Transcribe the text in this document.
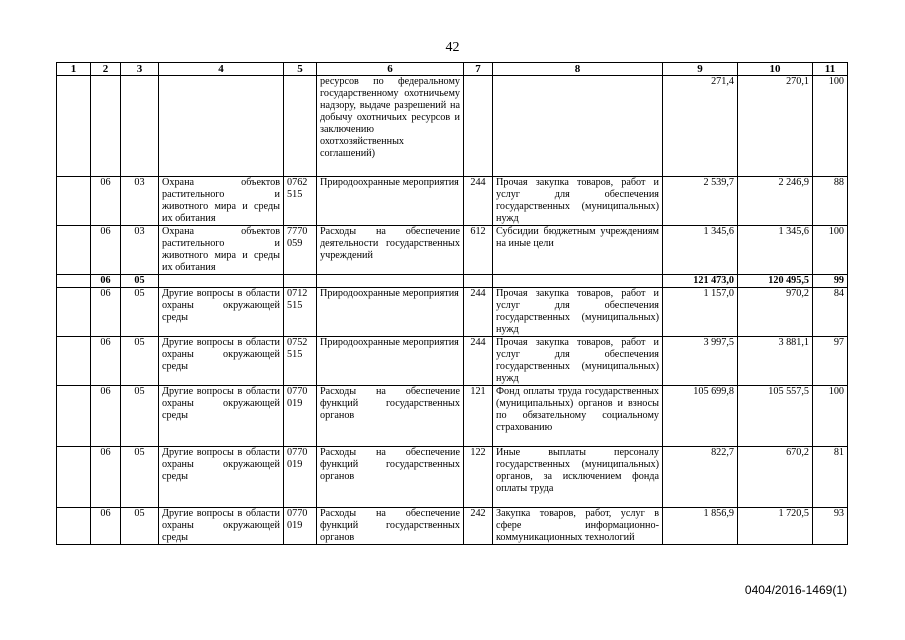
42
1	2	3	4	5	6	7	8	9	10	11
					ресурсов по федеральному государственному охотничьему надзору, выдаче разрешений на добычу охотничьих ресурсов и заключению охотхозяйственных соглашений)			271,4	270,1	100
	06	03	Охрана объектов растительного и животного мира и среды их обитания	0762 515	Природоохранные мероприятия	244	Прочая закупка товаров, работ и услуг для обеспечения государственных (муниципальных) нужд	2 539,7	2 246,9	88
	06	03	Охрана объектов растительного и животного мира и среды их обитания	7770 059	Расходы на обеспечение деятельности государственных учреждений	612	Субсидии бюджетным учреждениям на иные цели	1 345,6	1 345,6	100
	06	05						121 473,0	120 495,5	99
	06	05	Другие вопросы в области охраны окружающей среды	0712 515	Природоохранные мероприятия	244	Прочая закупка товаров, работ и услуг для обеспечения государственных (муниципальных) нужд	1 157,0	970,2	84
	06	05	Другие вопросы в области охраны окружающей среды	0752 515	Природоохранные мероприятия	244	Прочая закупка товаров, работ и услуг для обеспечения государственных (муниципальных) нужд	3 997,5	3 881,1	97
	06	05	Другие вопросы в области охраны окружающей среды	0770 019	Расходы на обеспечение функций государственных органов	121	Фонд оплаты труда государственных (муниципальных) органов и взносы по обязательному социальному страхованию	105 699,8	105 557,5	100
	06	05	Другие вопросы в области охраны окружающей среды	0770 019	Расходы на обеспечение функций государственных органов	122	Иные выплаты персоналу государственных (муниципальных) органов, за исключением фонда оплаты труда	822,7	670,2	81
	06	05	Другие вопросы в области охраны окружающей среды	0770 019	Расходы на обеспечение функций государственных органов	242	Закупка товаров, работ, услуг в сфере информационно-коммуникационных технологий	1 856,9	1 720,5	93
0404/2016-1469(1)
